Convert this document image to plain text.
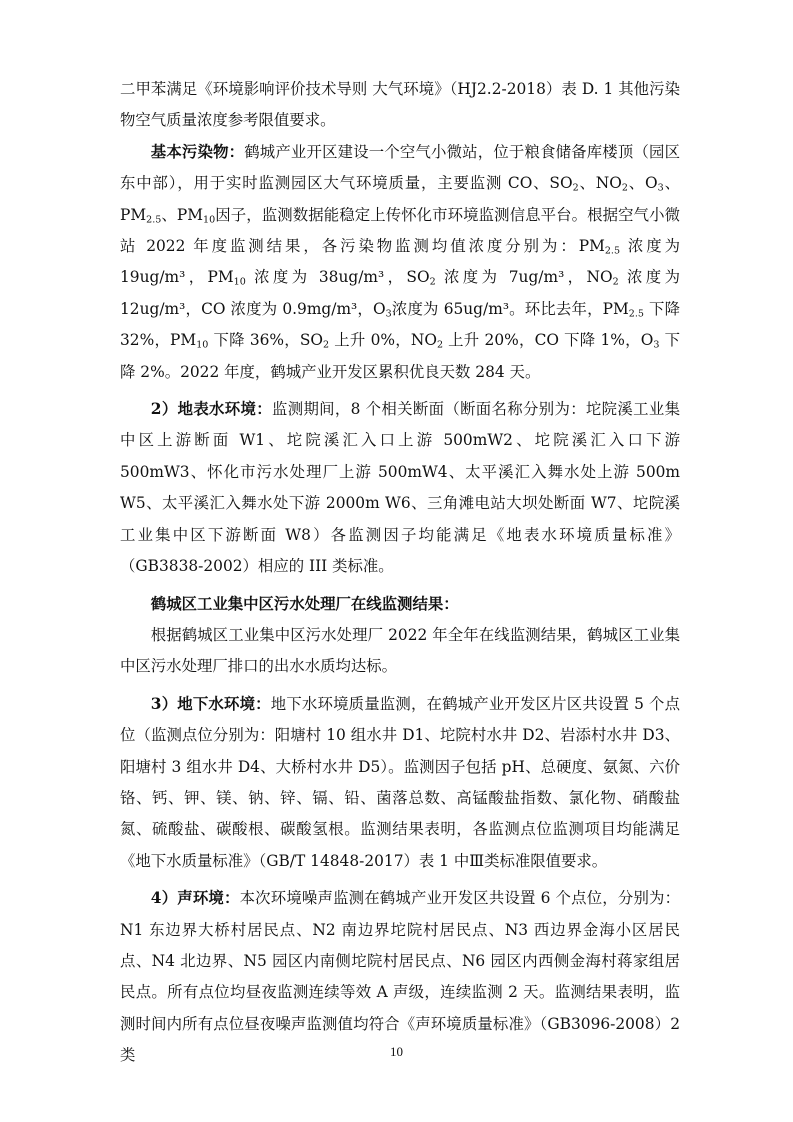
二甲苯满足《环境影响评价技术导则 大气环境》（HJ2.2-2018）表 D. 1 其他污染物空气质量浓度参考限值要求。

基本污染物：鹤城产业开区建设一个空气小微站，位于粮食储备库楼顶（园区东中部），用于实时监测园区大气环境质量，主要监测 CO、$SO_2$、$NO_2$、$O_3$、$PM_{2.5}$、$PM_{10}$因子，监测数据能稳定上传怀化市环境监测信息平台。根据空气小微站 2022 年度监测结果，各污染物监测均值浓度分别为：$PM_{2.5}$ 浓度为 19ug/m³，$PM_{10}$ 浓度为 38ug/m³，$SO_2$ 浓度为 7ug/m³，$NO_2$ 浓度为 12ug/m³，CO 浓度为 0.9mg/m³，$O_3$浓度为 65ug/m³。环比去年，$PM_{2.5}$ 下降 32%，$PM_{10}$ 下降 36%，$SO_2$ 上升 0%，$NO_2$ 上升 20%，CO 下降 1%，$O_3$ 下降 2%。2022 年度，鹤城产业开发区累积优良天数 284 天。

2）地表水环境：监测期间，8 个相关断面（断面名称分别为：坨院溪工业集中区上游断面 W1、坨院溪汇入口上游 500mW2、坨院溪汇入口下游 500mW3、怀化市污水处理厂上游 500mW4、太平溪汇入舞水处上游 500m W5、太平溪汇入舞水处下游 2000m W6、三角滩电站大坝处断面 W7、坨院溪工业集中区下游断面 W8）各监测因子均能满足《地表水环境质量标准》（GB3838-2002）相应的 III 类标准。

鹤城区工业集中区污水处理厂在线监测结果：

根据鹤城区工业集中区污水处理厂 2022 年全年在线监测结果，鹤城区工业集中区污水处理厂排口的出水水质均达标。

3）地下水环境：地下水环境质量监测，在鹤城产业开发区片区共设置 5 个点位（监测点位分别为：阳塘村 10 组水井 D1、坨院村水井 D2、岩添村水井 D3、阳塘村 3 组水井 D4、大桥村水井 D5）。监测因子包括 pH、总硬度、氨氮、六价铬、钙、钾、镁、钠、锌、镉、铅、菌落总数、高锰酸盐指数、氯化物、硝酸盐氮、硫酸盐、碳酸根、碳酸氢根。监测结果表明，各监测点位监测项目均能满足《地下水质量标准》（GB/T 14848-2017）表 1 中Ⅲ类标准限值要求。

4）声环境：本次环境噪声监测在鹤城产业开发区共设置 6 个点位，分别为：N1 东边界大桥村居民点、N2 南边界坨院村居民点、N3 西边界金海小区居民点、N4 北边界、N5 园区内南侧坨院村居民点、N6 园区内西侧金海村蒋家组居民点。所有点位均昼夜监测连续等效 A 声级，连续监测 2 天。监测结果表明，监测时间内所有点位昼夜噪声监测值均符合《声环境质量标准》（GB3096-2008）2 类	10
